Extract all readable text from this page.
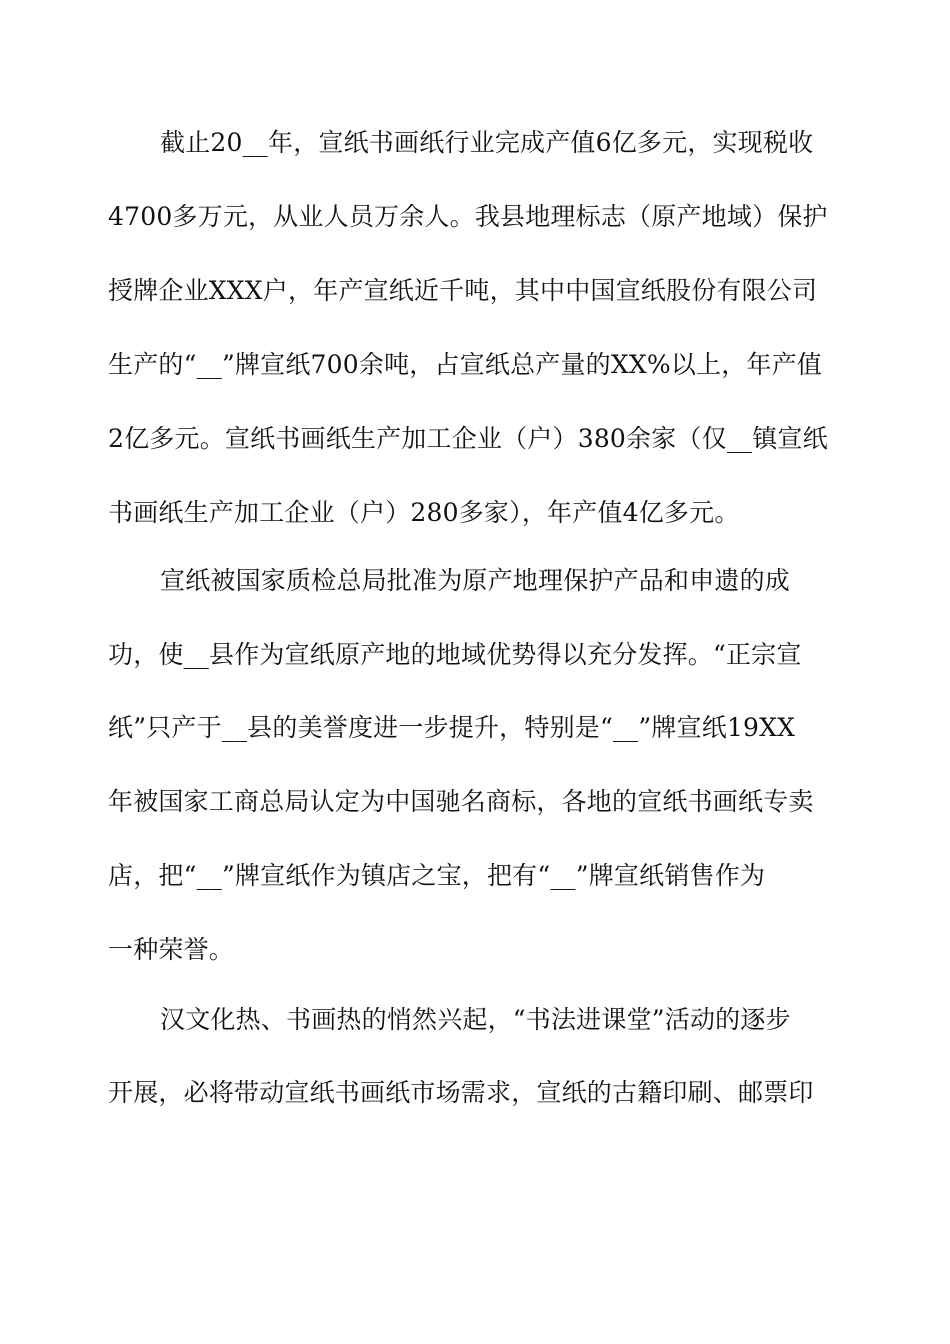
截止20__年，宣纸书画纸行业完成产值6亿多元，实现税收
4700多万元，从业人员万余人。我县地理标志（原产地域）保护
授牌企业XXX户，年产宣纸近千吨，其中中国宣纸股份有限公司
生产的“__”牌宣纸700余吨，占宣纸总产量的XX%以上，年产值
2亿多元。宣纸书画纸生产加工企业（户）380余家（仅__镇宣纸
书画纸生产加工企业（户）280多家），年产值4亿多元。
宣纸被国家质检总局批准为原产地理保护产品和申遗的成
功，使__县作为宣纸原产地的地域优势得以充分发挥。“正宗宣
纸”只产于__县的美誉度进一步提升，特别是“__”牌宣纸19XX
年被国家工商总局认定为中国驰名商标，各地的宣纸书画纸专卖
店，把“__”牌宣纸作为镇店之宝，把有“__”牌宣纸销售作为
一种荣誉。
汉文化热、书画热的悄然兴起，“书法进课堂”活动的逐步
开展，必将带动宣纸书画纸市场需求，宣纸的古籍印刷、邮票印
